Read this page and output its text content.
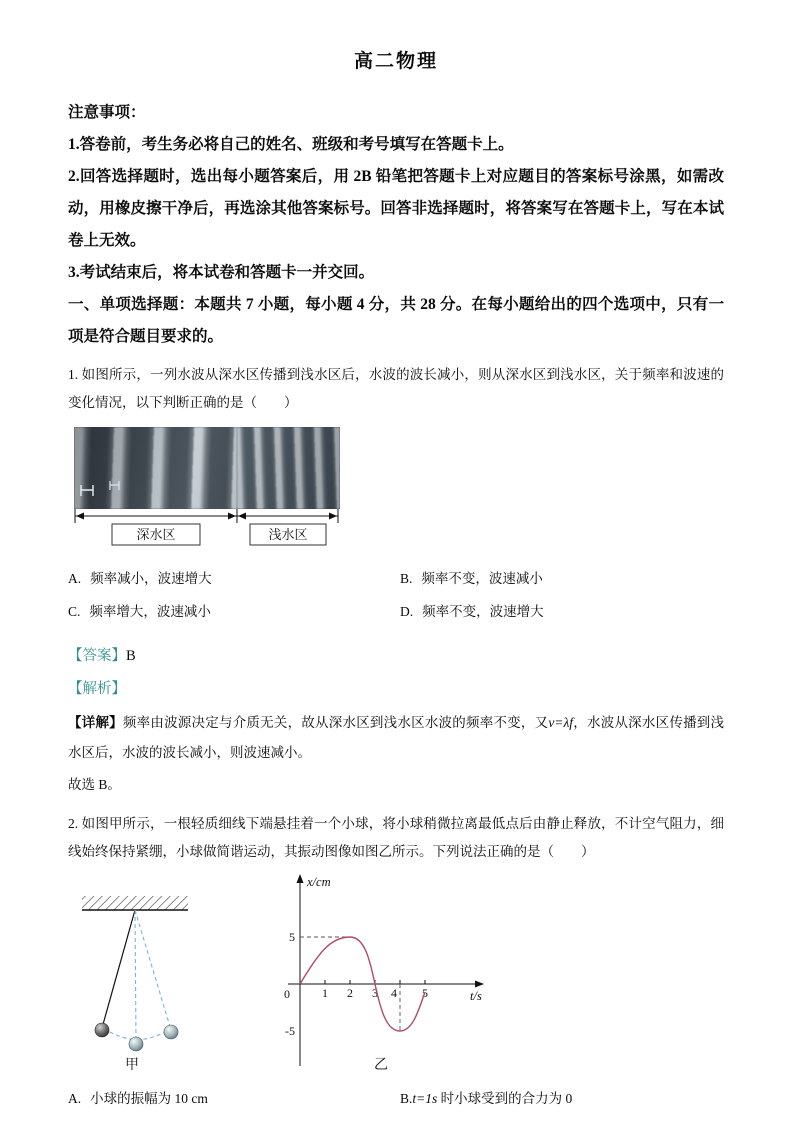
高二物理

注意事项：

1.答卷前，考生务必将自己的姓名、班级和考号填写在答题卡上。

2.回答选择题时，选出每小题答案后，用 2B 铅笔把答题卡上对应题目的答案标号涂黑，如需改动，用橡皮擦干净后，再选涂其他答案标号。回答非选择题时，将答案写在答题卡上，写在本试卷上无效。

3.考试结束后，将本试卷和答题卡一并交回。

一、单项选择题：本题共 7 小题，每小题 4 分，共 28 分。在每小题给出的四个选项中，只有一项是符合题目要求的。

1. 如图所示，一列水波从深水区传播到浅水区后，水波的波长减小，则从深水区到浅水区，关于频率和波速的变化情况，以下判断正确的是（　　）

深水区	浅水区
A. 频率减小，波速增大	B. 频率不变，波速减小
C. 频率增大，波速减小	D. 频率不变，波速增大
【答案】B
【解析】

【详解】频率由波源决定与介质无关，故从深水区到浅水区水波的频率不变，又v=λf，水波从深水区传播到浅水区后，水波的波长减小，则波速减小。

故选 B。

2. 如图甲所示，一根轻质细线下端悬挂着一个小球，将小球稍微拉离最低点后由静止释放，不计空气阻力，细线始终保持紧绷，小球做简谐运动，其振动图像如图乙所示。下列说法正确的是（　　）

甲
x/cm
t/s
0
5
-5
1 2 3 4 5
乙
A. 小球的振幅为 10 cm	B.t=1s 时小球受到的合力为 0
